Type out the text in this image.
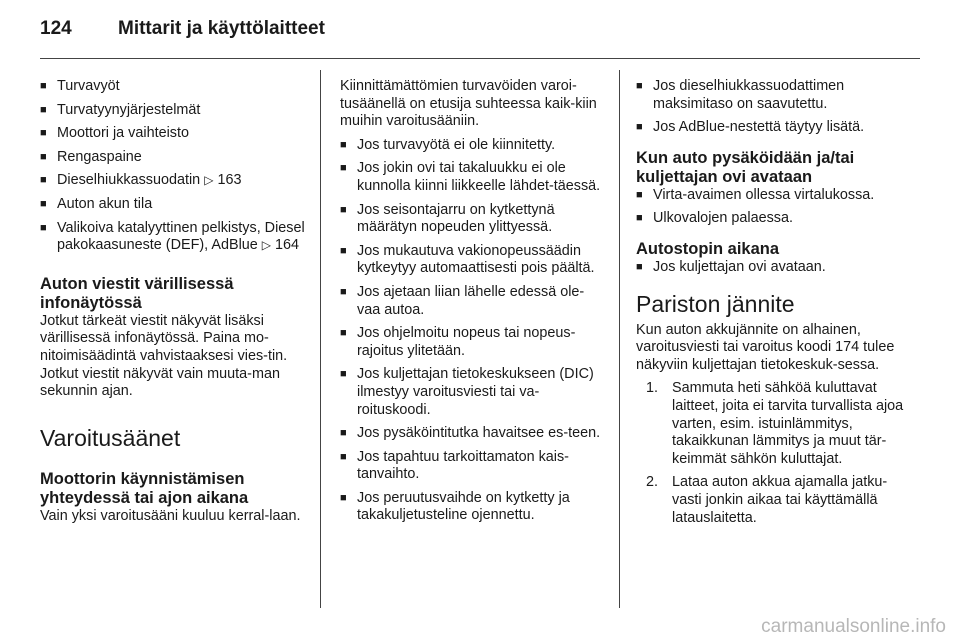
124	Mittarit ja käyttölaitteet
■ Turvavyöt
■ Turvatyynyjärjestelmät
■ Moottori ja vaihteisto
■ Rengaspaine
■ Dieselhiukkassuodatin ▷ 163
■ Auton akun tila
■ Valikoiva katalyyttinen pelkistys, Diesel pakokaasuneste (DEF), AdBlue ▷ 164
Auton viestit värillisessä infonäytössä

Jotkut tärkeät viestit näkyvät lisäksi värillisessä infonäytössä. Paina mo-nitoimisäädintä vahvistaaksesi vies-tin. Jotkut viestit näkyvät vain muuta-man sekunnin ajan.

Varoitusäänet
Moottorin käynnistämisen yhteydessä tai ajon aikana

Vain yksi varoitusääni kuuluu kerral-laan.

Kiinnittämättömien turvavöiden varoi-tusäänellä on etusija suhteessa kaik-kiin muihin varoitusääniin.

■ Jos turvavyötä ei ole kiinnitetty.
■ Jos jokin ovi tai takaluukku ei ole kunnolla kiinni liikkeelle lähdet-täessä.
■ Jos seisontajarru on kytkettynä määrätyn nopeuden ylittyessä.
■ Jos mukautuva vakionopeussäädin kytkeytyy automaattisesti pois päältä.
■ Jos ajetaan liian lähelle edessä ole-vaa autoa.
■ Jos ohjelmoitu nopeus tai nopeus-rajoitus ylitetään.
■ Jos kuljettajan tietokeskukseen (DIC) ilmestyy varoitusviesti tai va-roituskoodi.
■ Jos pysäköintitutka havaitsee es-teen.
■ Jos tapahtuu tarkoittamaton kais-tanvaihto.
■ Jos peruutusvaihde on kytketty ja takakuljetusteline ojennettu.
■ Jos dieselhiukkassuodattimen maksimitaso on saavutettu.
■ Jos AdBlue-nestettä täytyy lisätä.
Kun auto pysäköidään ja/tai kuljettajan ovi avataan
■ Virta-avaimen ollessa virtalukossa.
■ Ulkovalojen palaessa.
Autostopin aikana
■ Jos kuljettajan ovi avataan.
Pariston jännite

Kun auton akkujännite on alhainen, varoitusviesti tai varoitus koodi 174 tulee näkyviin kuljettajan tietokeskuk-sessa.

1. Sammuta heti sähköä kuluttavat laitteet, joita ei tarvita turvallista ajoa varten, esim. istuinlämmitys, takaikkunan lämmitys ja muut tär-keimmät sähkön kuluttajat.
2. Lataa auton akkua ajamalla jatku-vasti jonkin aikaa tai käyttämällä latauslaitetta.
carmanualsonline.info
